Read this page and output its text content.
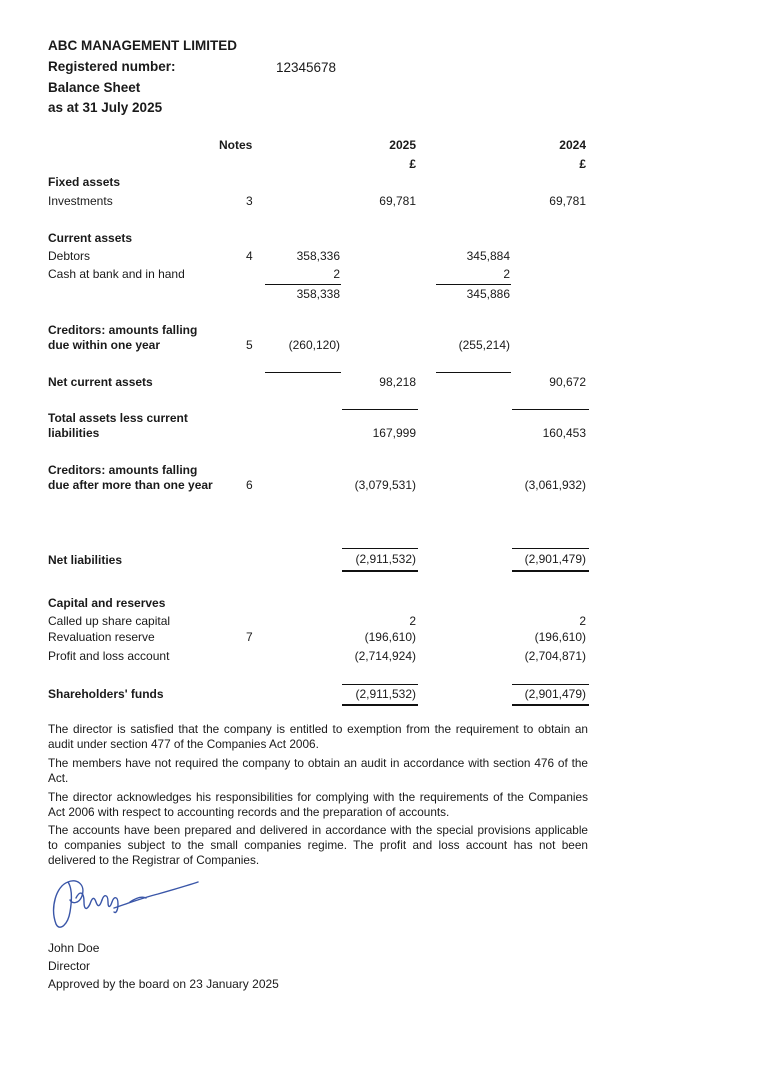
ABC MANAGEMENT LIMITED
Registered number:	12345678
Balance Sheet
as at 31 July 2025
Notes	2025	2024
£	£
Fixed assets
Investments	3	69,781	69,781
Current assets
Debtors	4	358,336	345,884
Cash at bank and in hand	2	2
358,338	345,886
Creditors: amounts falling
due within one year	5	(260,120)	(255,214)
Net current assets	98,218	90,672
Total assets less current
liabilities	167,999	160,453
Creditors: amounts falling
due after more than one year	6	(3,079,531)	(3,061,932)
Net liabilities	(2,911,532)	(2,901,479)
Capital and reserves
Called up share capital	2	2
Revaluation reserve	7	(196,610)	(196,610)
Profit and loss account	(2,714,924)	(2,704,871)
Shareholders' funds	(2,911,532)	(2,901,479)
The director is satisfied that the company is entitled to exemption from the requirement to obtain an audit under section 477 of the Companies Act 2006.
The members have not required the company to obtain an audit in accordance with section 476 of the Act.
The director acknowledges his responsibilities for complying with the requirements of the Companies Act 2006 with respect to accounting records and the preparation of accounts.
The accounts have been prepared and delivered in accordance with the special provisions applicable to companies subject to the small companies regime. The profit and loss account has not been delivered to the Registrar of Companies.
John Doe
Director
Approved by the board on 23 January 2025
